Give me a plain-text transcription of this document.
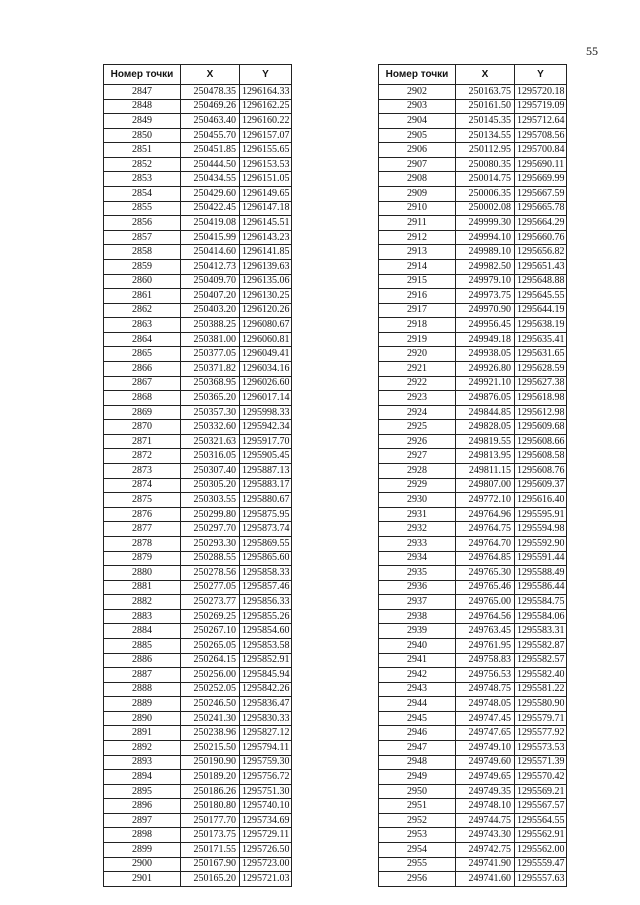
55
Номер точки	X	Y
2847	250478.35	1296164.33
2848	250469.26	1296162.25
2849	250463.40	1296160.22
2850	250455.70	1296157.07
2851	250451.85	1296155.65
2852	250444.50	1296153.53
2853	250434.55	1296151.05
2854	250429.60	1296149.65
2855	250422.45	1296147.18
2856	250419.08	1296145.51
2857	250415.99	1296143.23
2858	250414.60	1296141.85
2859	250412.73	1296139.63
2860	250409.70	1296135.06
2861	250407.20	1296130.25
2862	250403.20	1296120.26
2863	250388.25	1296080.67
2864	250381.00	1296060.81
2865	250377.05	1296049.41
2866	250371.82	1296034.16
2867	250368.95	1296026.60
2868	250365.20	1296017.14
2869	250357.30	1295998.33
2870	250332.60	1295942.34
2871	250321.63	1295917.70
2872	250316.05	1295905.45
2873	250307.40	1295887.13
2874	250305.20	1295883.17
2875	250303.55	1295880.67
2876	250299.80	1295875.95
2877	250297.70	1295873.74
2878	250293.30	1295869.55
2879	250288.55	1295865.60
2880	250278.56	1295858.33
2881	250277.05	1295857.46
2882	250273.77	1295856.33
2883	250269.25	1295855.26
2884	250267.10	1295854.60
2885	250265.05	1295853.58
2886	250264.15	1295852.91
2887	250256.00	1295845.94
2888	250252.05	1295842.26
2889	250246.50	1295836.47
2890	250241.30	1295830.33
2891	250238.96	1295827.12
2892	250215.50	1295794.11
2893	250190.90	1295759.30
2894	250189.20	1295756.72
2895	250186.26	1295751.30
2896	250180.80	1295740.10
2897	250177.70	1295734.69
2898	250173.75	1295729.11
2899	250171.55	1295726.50
2900	250167.90	1295723.00
2901	250165.20	1295721.03
Номер точки	X	Y
2902	250163.75	1295720.18
2903	250161.50	1295719.09
2904	250145.35	1295712.64
2905	250134.55	1295708.56
2906	250112.95	1295700.84
2907	250080.35	1295690.11
2908	250014.75	1295669.99
2909	250006.35	1295667.59
2910	250002.08	1295665.78
2911	249999.30	1295664.29
2912	249994.10	1295660.76
2913	249989.10	1295656.82
2914	249982.50	1295651.43
2915	249979.10	1295648.88
2916	249973.75	1295645.55
2917	249970.90	1295644.19
2918	249956.45	1295638.19
2919	249949.18	1295635.41
2920	249938.05	1295631.65
2921	249926.80	1295628.59
2922	249921.10	1295627.38
2923	249876.05	1295618.98
2924	249844.85	1295612.98
2925	249828.05	1295609.68
2926	249819.55	1295608.66
2927	249813.95	1295608.58
2928	249811.15	1295608.76
2929	249807.00	1295609.37
2930	249772.10	1295616.40
2931	249764.96	1295595.91
2932	249764.75	1295594.98
2933	249764.70	1295592.90
2934	249764.85	1295591.44
2935	249765.30	1295588.49
2936	249765.46	1295586.44
2937	249765.00	1295584.75
2938	249764.56	1295584.06
2939	249763.45	1295583.31
2940	249761.95	1295582.87
2941	249758.83	1295582.57
2942	249756.53	1295582.40
2943	249748.75	1295581.22
2944	249748.05	1295580.90
2945	249747.45	1295579.71
2946	249747.65	1295577.92
2947	249749.10	1295573.53
2948	249749.60	1295571.39
2949	249749.65	1295570.42
2950	249749.35	1295569.21
2951	249748.10	1295567.57
2952	249744.75	1295564.55
2953	249743.30	1295562.91
2954	249742.75	1295562.00
2955	249741.90	1295559.47
2956	249741.60	1295557.63
